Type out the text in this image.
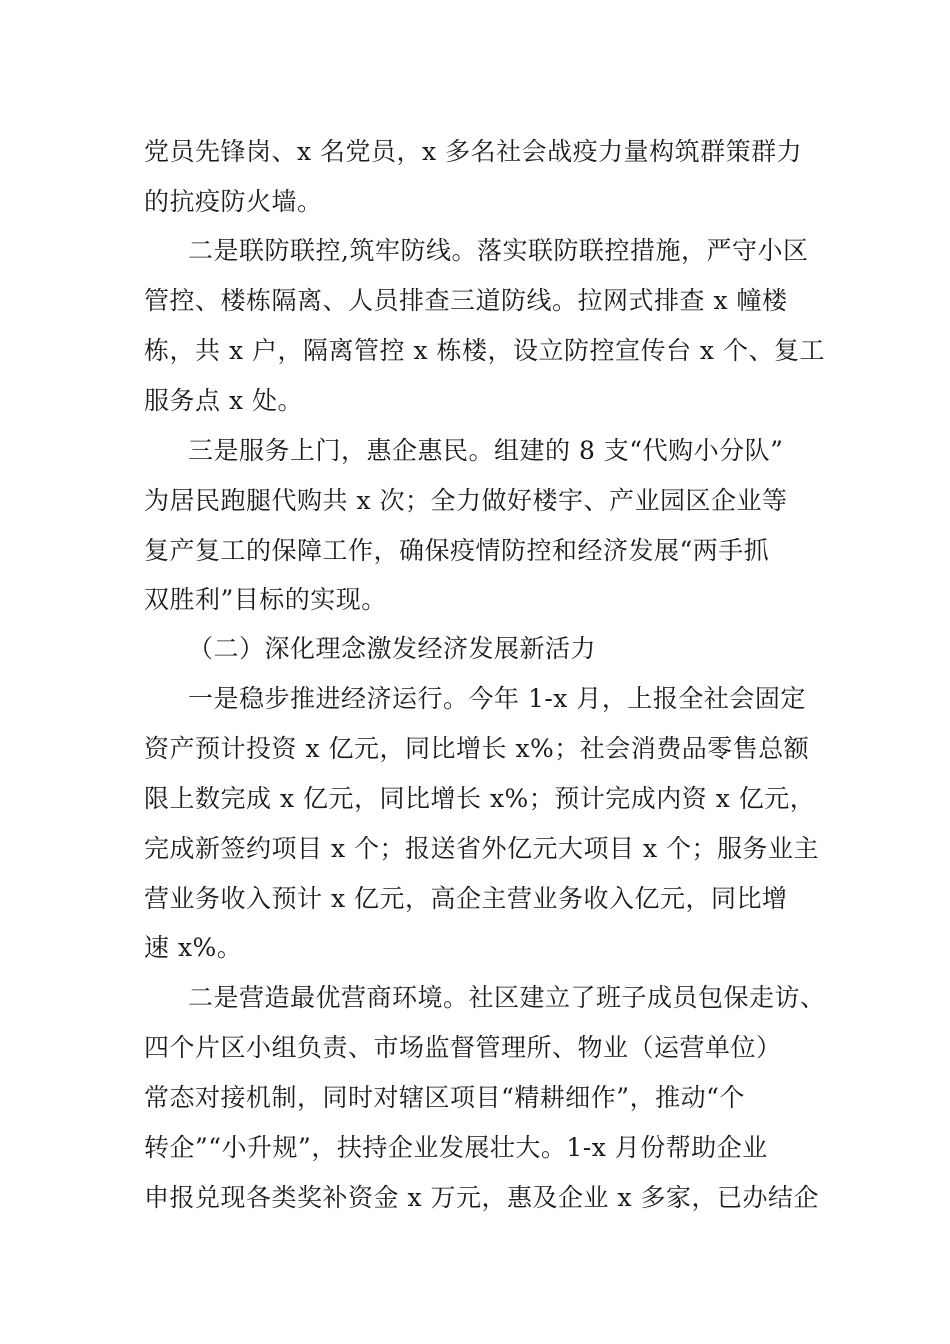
党员先锋岗、x 名党员，x 多名社会战疫力量构筑群策群力
的抗疫防火墙。
二是联防联控,筑牢防线。落实联防联控措施，严守小区
管控、楼栋隔离、人员排查三道防线。拉网式排查 x 幢楼
栋，共 x 户，隔离管控 x 栋楼，设立防控宣传台 x 个、复工
服务点 x 处。
三是服务上门，惠企惠民。组建的 8 支“代购小分队”
为居民跑腿代购共 x 次；全力做好楼宇、产业园区企业等
复产复工的保障工作，确保疫情防控和经济发展“两手抓
双胜利”目标的实现。
（二）深化理念激发经济发展新活力
一是稳步推进经济运行。今年 1-x 月，上报全社会固定
资产预计投资 x 亿元，同比增长 x%；社会消费品零售总额
限上数完成 x 亿元，同比增长 x%；预计完成内资 x 亿元，
完成新签约项目 x 个；报送省外亿元大项目 x 个；服务业主
营业务收入预计 x 亿元，高企主营业务收入亿元，同比增
速 x%。
二是营造最优营商环境。社区建立了班子成员包保走访、
四个片区小组负责、市场监督管理所、物业（运营单位）
常态对接机制，同时对辖区项目“精耕细作”，推动“个
转企”“小升规”，扶持企业发展壮大。1-x 月份帮助企业
申报兑现各类奖补资金 x 万元，惠及企业 x 多家，已办结企
